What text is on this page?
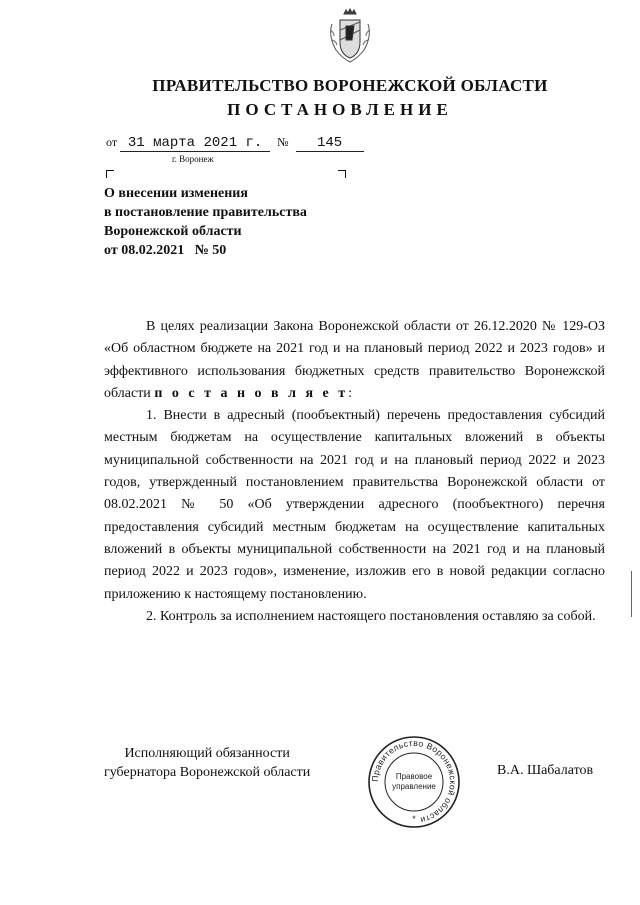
ПРАВИТЕЛЬСТВО ВОРОНЕЖСКОЙ ОБЛАСТИ
ПОСТАНОВЛЕНИЕ
от 31 марта 2021 г. № 145
г. Воронеж
О внесении изменения
в постановление правительства
Воронежской области
от 08.02.2021   № 50

В целях реализации Закона Воронежской области от 26.12.2020 № 129-ОЗ «Об областном бюджете на 2021 год и на плановый период 2022 и 2023 годов» и эффективного использования бюджетных средств правительство Воронежской области п о с т а н о в л я е т:

1. Внести в адресный (пообъектный) перечень предоставления субсидий местным бюджетам на осуществление капитальных вложений в объекты муниципальной собственности на 2021 год и на плановый период 2022 и 2023 годов, утвержденный постановлением правительства Воронежской области от 08.02.2021 № 50 «Об утверждении адресного (пообъектного) перечня предоставления субсидий местным бюджетам на осуществление капитальных вложений в объекты муниципальной собственности на 2021 год и на плановый период 2022 и 2023 годов», изменение, изложив его в новой редакции согласно приложению к настоящему постановлению.

2. Контроль за исполнением настоящего постановления оставляю за собой.

Исполняющий обязанности
губернатора Воронежской области	Правительство Воронежской области
Правовое
управление
*
В.А. Шабалатов
